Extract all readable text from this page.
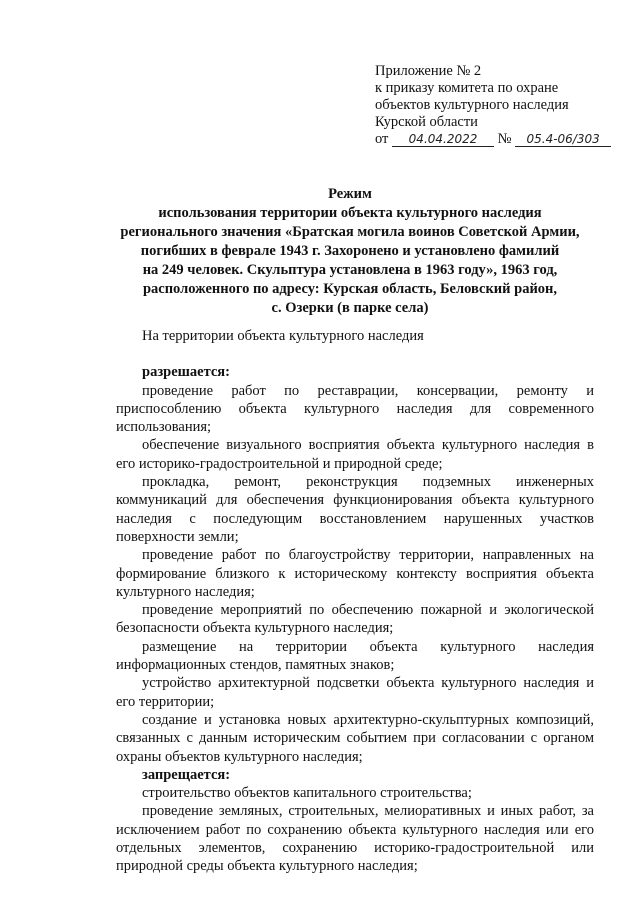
Приложение № 2
к приказу комитета по охране
объектов культурного наследия
Курской области
от 04.04.2022 № 05.4-06/303
Режим
использования территории объекта культурного наследия
регионального значения «Братская могила воинов Советской Армии,
погибших в феврале 1943 г. Захоронено и установлено фамилий
на 249 человек. Скульптура установлена в 1963 году», 1963 год,
расположенного по адресу: Курская область, Беловский район,
с. Озерки (в парке села)
На территории объекта культурного наследия
разрешается:

проведение работ по реставрации, консервации, ремонту и приспособлению объекта культурного наследия для современного использования;

обеспечение визуального восприятия объекта культурного наследия в его историко-градостроительной и природной среде;

прокладка, ремонт, реконструкция подземных инженерных коммуникаций для обеспечения функционирования объекта культурного наследия с последующим восстановлением нарушенных участков поверхности земли;

проведение работ по благоустройству территории, направленных на формирование близкого к историческому контексту восприятия объекта культурного наследия;

проведение мероприятий по обеспечению пожарной и экологической безопасности объекта культурного наследия;

размещение на территории объекта культурного наследия информационных стендов, памятных знаков;

устройство архитектурной подсветки объекта культурного наследия и его территории;

создание и установка новых архитектурно-скульптурных композиций, связанных с данным историческим событием при согласовании с органом охраны объектов культурного наследия;

запрещается:

строительство объектов капитального строительства;

проведение земляных, строительных, мелиоративных и иных работ, за исключением работ по сохранению объекта культурного наследия или его отдельных элементов, сохранению историко-градостроительной или природной среды объекта культурного наследия;
